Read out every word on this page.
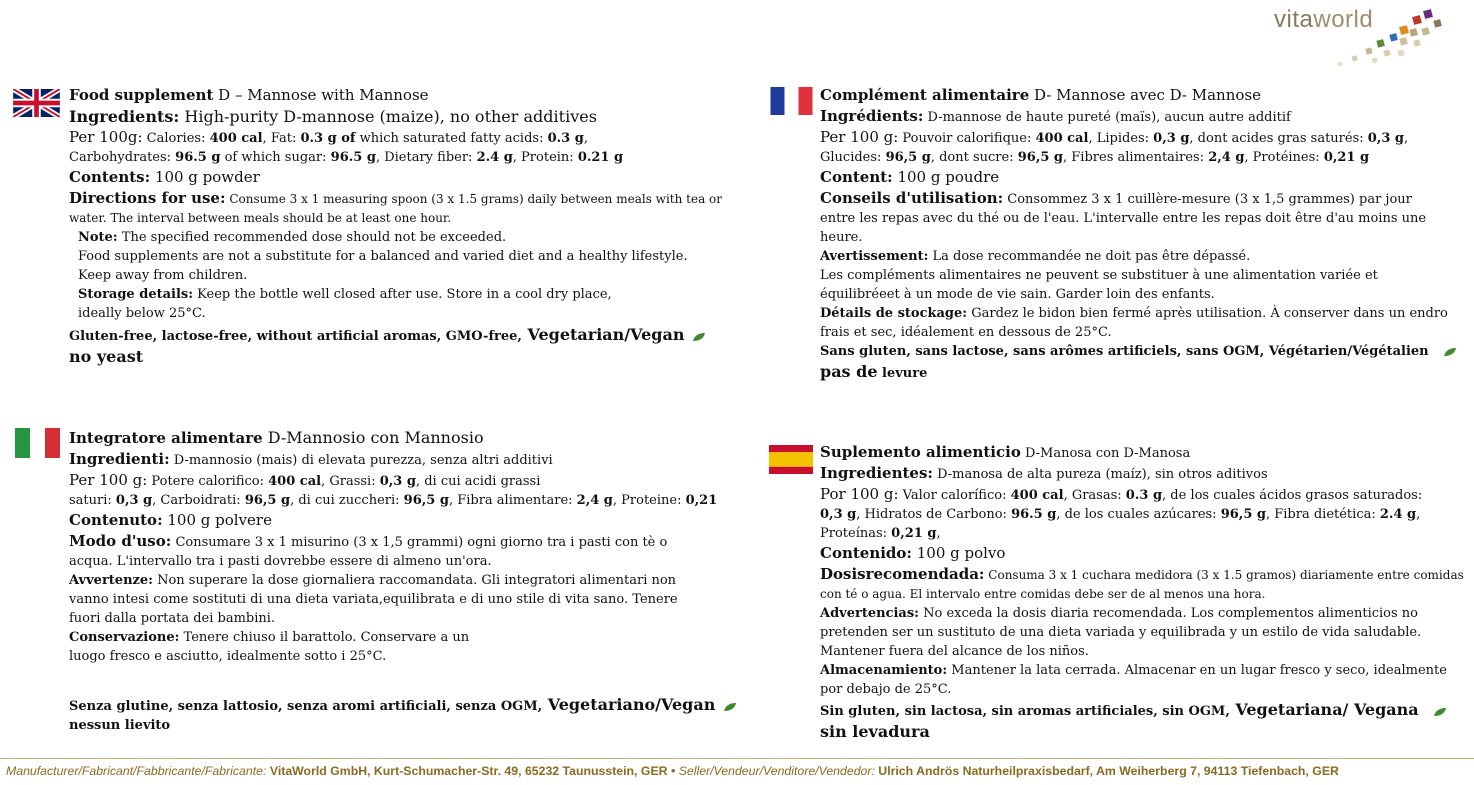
vitaworld
Food supplement D – Mannose with Mannose
Ingredients: High-purity D-mannose (maize), no other additives
Per 100g: Calories: 400 cal, Fat: 0.3 g of which saturated fatty acids: 0.3 g,
Carbohydrates: 96.5 g of which sugar: 96.5 g, Dietary fiber: 2.4 g, Protein: 0.21 g
Contents: 100 g powder
Directions for use: Consume 3 x 1 measuring spoon (3 x 1.5 grams) daily between meals with tea or
water. The interval between meals should be at least one hour.
Note: The specified recommended dose should not be exceeded.
Food supplements are not a substitute for a balanced and varied diet and a healthy lifestyle.
Keep away from children.
Storage details: Keep the bottle well closed after use. Store in a cool dry place,
ideally below 25°C.
Gluten-free, lactose-free, without artificial aromas, GMO-free, Vegetarian/Vegan
no yeast
Complément alimentaire D- Mannose avec D- Mannose
Ingrédients: D-mannose de haute pureté (maïs), aucun autre additif
Per 100 g: Pouvoir calorifique: 400 cal, Lipides: 0,3 g, dont acides gras saturés: 0,3 g,
Glucides: 96,5 g, dont sucre: 96,5 g, Fibres alimentaires: 2,4 g, Protéines: 0,21 g
Content: 100 g poudre
Conseils d'utilisation: Consommez 3 x 1 cuillère-mesure (3 x 1,5 grammes) par jour
entre les repas avec du thé ou de l'eau. L'intervalle entre les repas doit être d'au moins une
heure.
Avertissement: La dose recommandée ne doit pas être dépassé.
Les compléments alimentaires ne peuvent se substituer à une alimentation variée et
équilibréeet à un mode de vie sain. Garder loin des enfants.
Détails de stockage: Gardez le bidon bien fermé après utilisation. À conserver dans un endro
frais et sec, idéalement en dessous de 25°C.
Sans gluten, sans lactose, sans arômes artificiels, sans OGM, Végétarien/Végétalien
pas de levure
Integratore alimentare D-Mannosio con Mannosio
Ingredienti: D-mannosio (mais) di elevata purezza, senza altri additivi
Per 100 g: Potere calorifico: 400 cal, Grassi: 0,3 g, di cui acidi grassi
saturi: 0,3 g, Carboidrati: 96,5 g, di cui zuccheri: 96,5 g, Fibra alimentare: 2,4 g, Proteine: 0,21
Contenuto: 100 g polvere
Modo d'uso: Consumare 3 x 1 misurino (3 x 1,5 grammi) ogni giorno tra i pasti con tè o
acqua. L'intervallo tra i pasti dovrebbe essere di almeno un'ora.
Avvertenze: Non superare la dose giornaliera raccomandata. Gli integratori alimentari non
vanno intesi come sostituti di una dieta variata,equilibrata e di uno stile di vita sano. Tenere
fuori dalla portata dei bambini.
Conservazione: Tenere chiuso il barattolo. Conservare a un
luogo fresco e asciutto, idealmente sotto i 25°C.
Senza glutine, senza lattosio, senza aromi artificiali, senza OGM, Vegetariano/Vegan
nessun lievito
Suplemento alimenticio D-Manosa con D-Manosa
Ingredientes: D-manosa de alta pureza (maíz), sin otros aditivos
Por 100 g: Valor calorífico: 400 cal, Grasas: 0.3 g, de los cuales ácidos grasos saturados:
0,3 g, Hidratos de Carbono: 96.5 g, de los cuales azúcares: 96,5 g, Fibra dietética: 2.4 g,
Proteínas: 0,21 g,
Contenido: 100 g polvo
Dosisrecomendada: Consuma 3 x 1 cuchara medidora (3 x 1.5 gramos) diariamente entre comidas
con té o agua. El intervalo entre comidas debe ser de al menos una hora.
Advertencias: No exceda la dosis diaria recomendada. Los complementos alimenticios no
pretenden ser un sustituto de una dieta variada y equilibrada y un estilo de vida saludable.
Mantener fuera del alcance de los niños.
Almacenamiento: Mantener la lata cerrada. Almacenar en un lugar fresco y seco, idealmente
por debajo de 25°C.
Sin gluten, sin lactosa, sin aromas artificiales, sin OGM, Vegetariana/ Vegana
sin levadura
Manufacturer/Fabricant/Fabbricante/Fabricante: VitaWorld GmbH, Kurt-Schumacher-Str. 49, 65232 Taunusstein, GER • Seller/Vendeur/Venditore/Vendedor: Ulrich Andrös Naturheilpraxisbedarf, Am Weiherberg 7, 94113 Tiefenbach, GER
